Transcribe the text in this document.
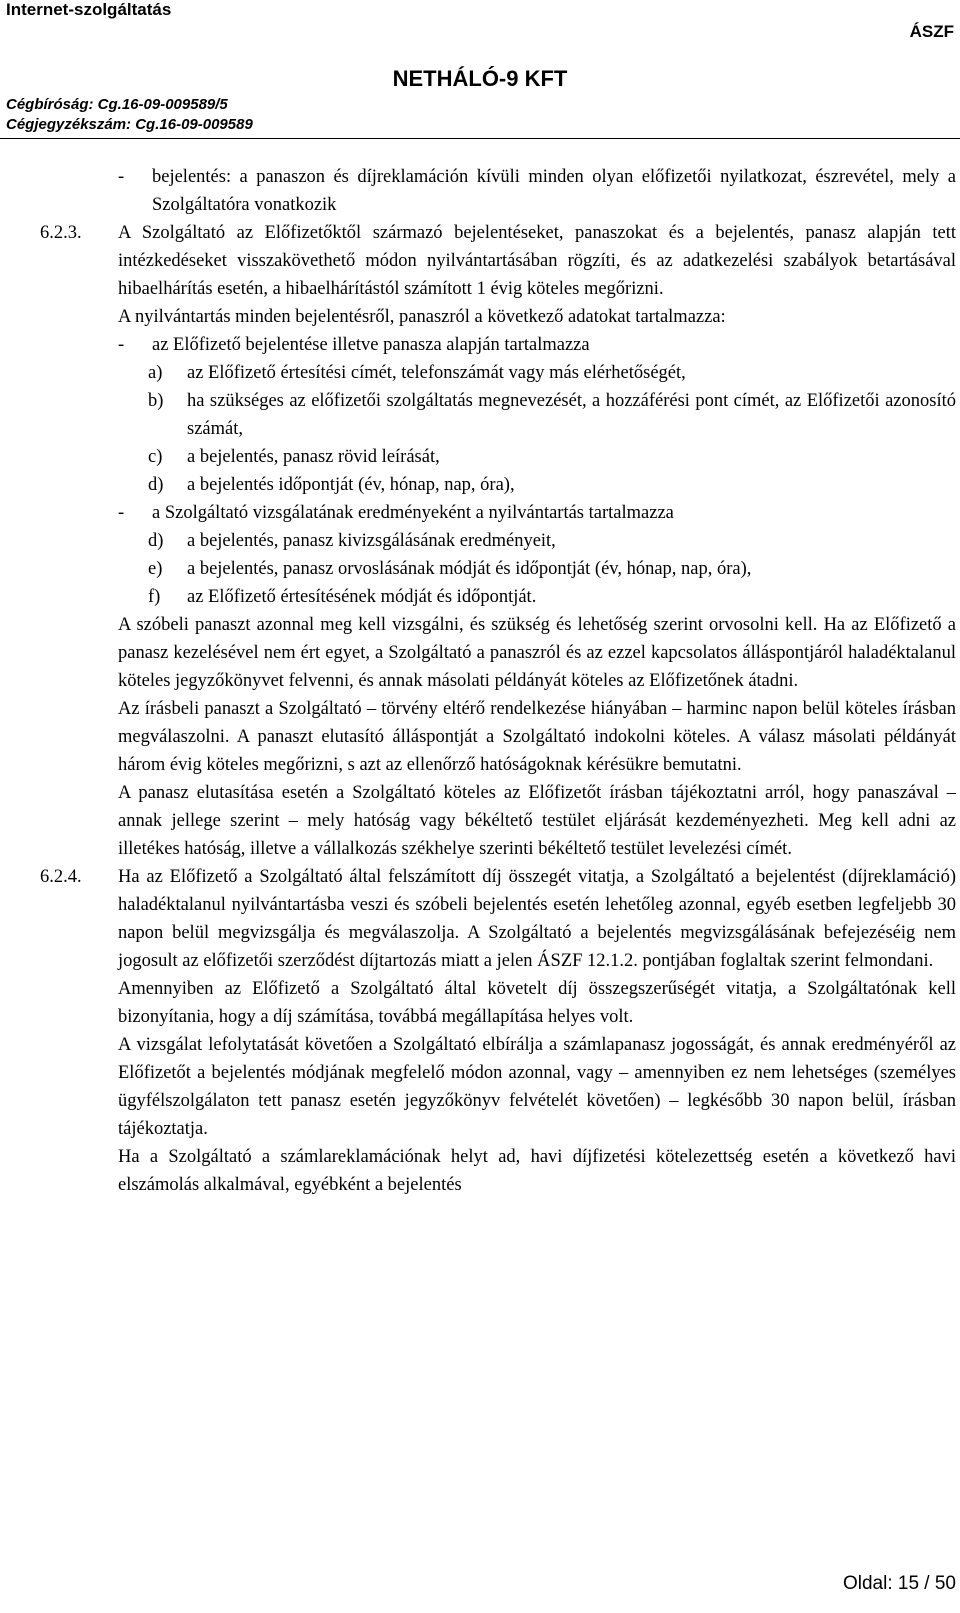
Internet-szolgáltatás
ÁSZF
NETHÁLÓ-9 KFT
Cégbíróság: Cg.16-09-009589/5
Cégjegyzékszám: Cg.16-09-009589
- bejelentés: a panaszon és díjreklamáción kívüli minden olyan előfizetői nyilatkozat, észrevétel, mely a Szolgáltatóra vonatkozik
6.2.3. A Szolgáltató az Előfizetőktől származó bejelentéseket, panaszokat és a bejelentés, panasz alapján tett intézkedéseket visszakövethető módon nyilvántartásában rögzíti, és az adatkezelési szabályok betartásával hibaelhárítás esetén, a hibaelhárítástól számított 1 évig köteles megőrizni.
A nyilvántartás minden bejelentésről, panaszról a következő adatokat tartalmazza:
- az Előfizető bejelentése illetve panasza alapján tartalmazza
a) az Előfizető értesítési címét, telefonszámát vagy más elérhetőségét,
b) ha szükséges az előfizetői szolgáltatás megnevezését, a hozzáférési pont címét, az Előfizetői azonosító számát,
c) a bejelentés, panasz rövid leírását,
d) a bejelentés időpontját (év, hónap, nap, óra),
- a Szolgáltató vizsgálatának eredményeként a nyilvántartás tartalmazza
d) a bejelentés, panasz kivizsgálásának eredményeit,
e) a bejelentés, panasz orvoslásának módját és időpontját (év, hónap, nap, óra),
f) az Előfizető értesítésének módját és időpontját.
A szóbeli panaszt azonnal meg kell vizsgálni, és szükség és lehetőség szerint orvosolni kell. Ha az Előfizető a panasz kezelésével nem ért egyet, a Szolgáltató a panaszról és az ezzel kapcsolatos álláspontjáról haladéktalanul köteles jegyzőkönyvet felvenni, és annak másolati példányát köteles az Előfizetőnek átadni.
Az írásbeli panaszt a Szolgáltató – törvény eltérő rendelkezése hiányában – harminc napon belül köteles írásban megválaszolni. A panaszt elutasító álláspontját a Szolgáltató indokolni köteles. A válasz másolati példányát három évig köteles megőrizni, s azt az ellenőrző hatóságoknak kérésükre bemutatni.
A panasz elutasítása esetén a Szolgáltató köteles az Előfizetőt írásban tájékoztatni arról, hogy panaszával – annak jellege szerint – mely hatóság vagy békéltető testület eljárását kezdeményezheti. Meg kell adni az illetékes hatóság, illetve a vállalkozás székhelye szerinti békéltető testület levelezési címét.
6.2.4. Ha az Előfizető a Szolgáltató által felszámított díj összegét vitatja, a Szolgáltató a bejelentést (díjreklamáció) haladéktalanul nyilvántartásba veszi és szóbeli bejelentés esetén lehetőleg azonnal, egyéb esetben legfeljebb 30 napon belül megvizsgálja és megválaszolja. A Szolgáltató a bejelentés megvizsgálásának befejezéséig nem jogosult az előfizetői szerződést díjtartozás miatt a jelen ÁSZF 12.1.2. pontjában foglaltak szerint felmondani.
Amennyiben az Előfizető a Szolgáltató által követelt díj összegszerűségét vitatja, a Szolgáltatónak kell bizonyítania, hogy a díj számítása, továbbá megállapítása helyes volt.
A vizsgálat lefolytatását követően a Szolgáltató elbírálja a számlapanasz jogosságát, és annak eredményéről az Előfizetőt a bejelentés módjának megfelelő módon azonnal, vagy – amennyiben ez nem lehetséges (személyes ügyfélszolgálaton tett panasz esetén jegyzőkönyv felvételét követően) – legkésőbb 30 napon belül, írásban tájékoztatja.
Ha a Szolgáltató a számlareklamációnak helyt ad, havi díjfizetési kötelezettség esetén a következő havi elszámolás alkalmával, egyébként a bejelentés
Oldal: 15 / 50
